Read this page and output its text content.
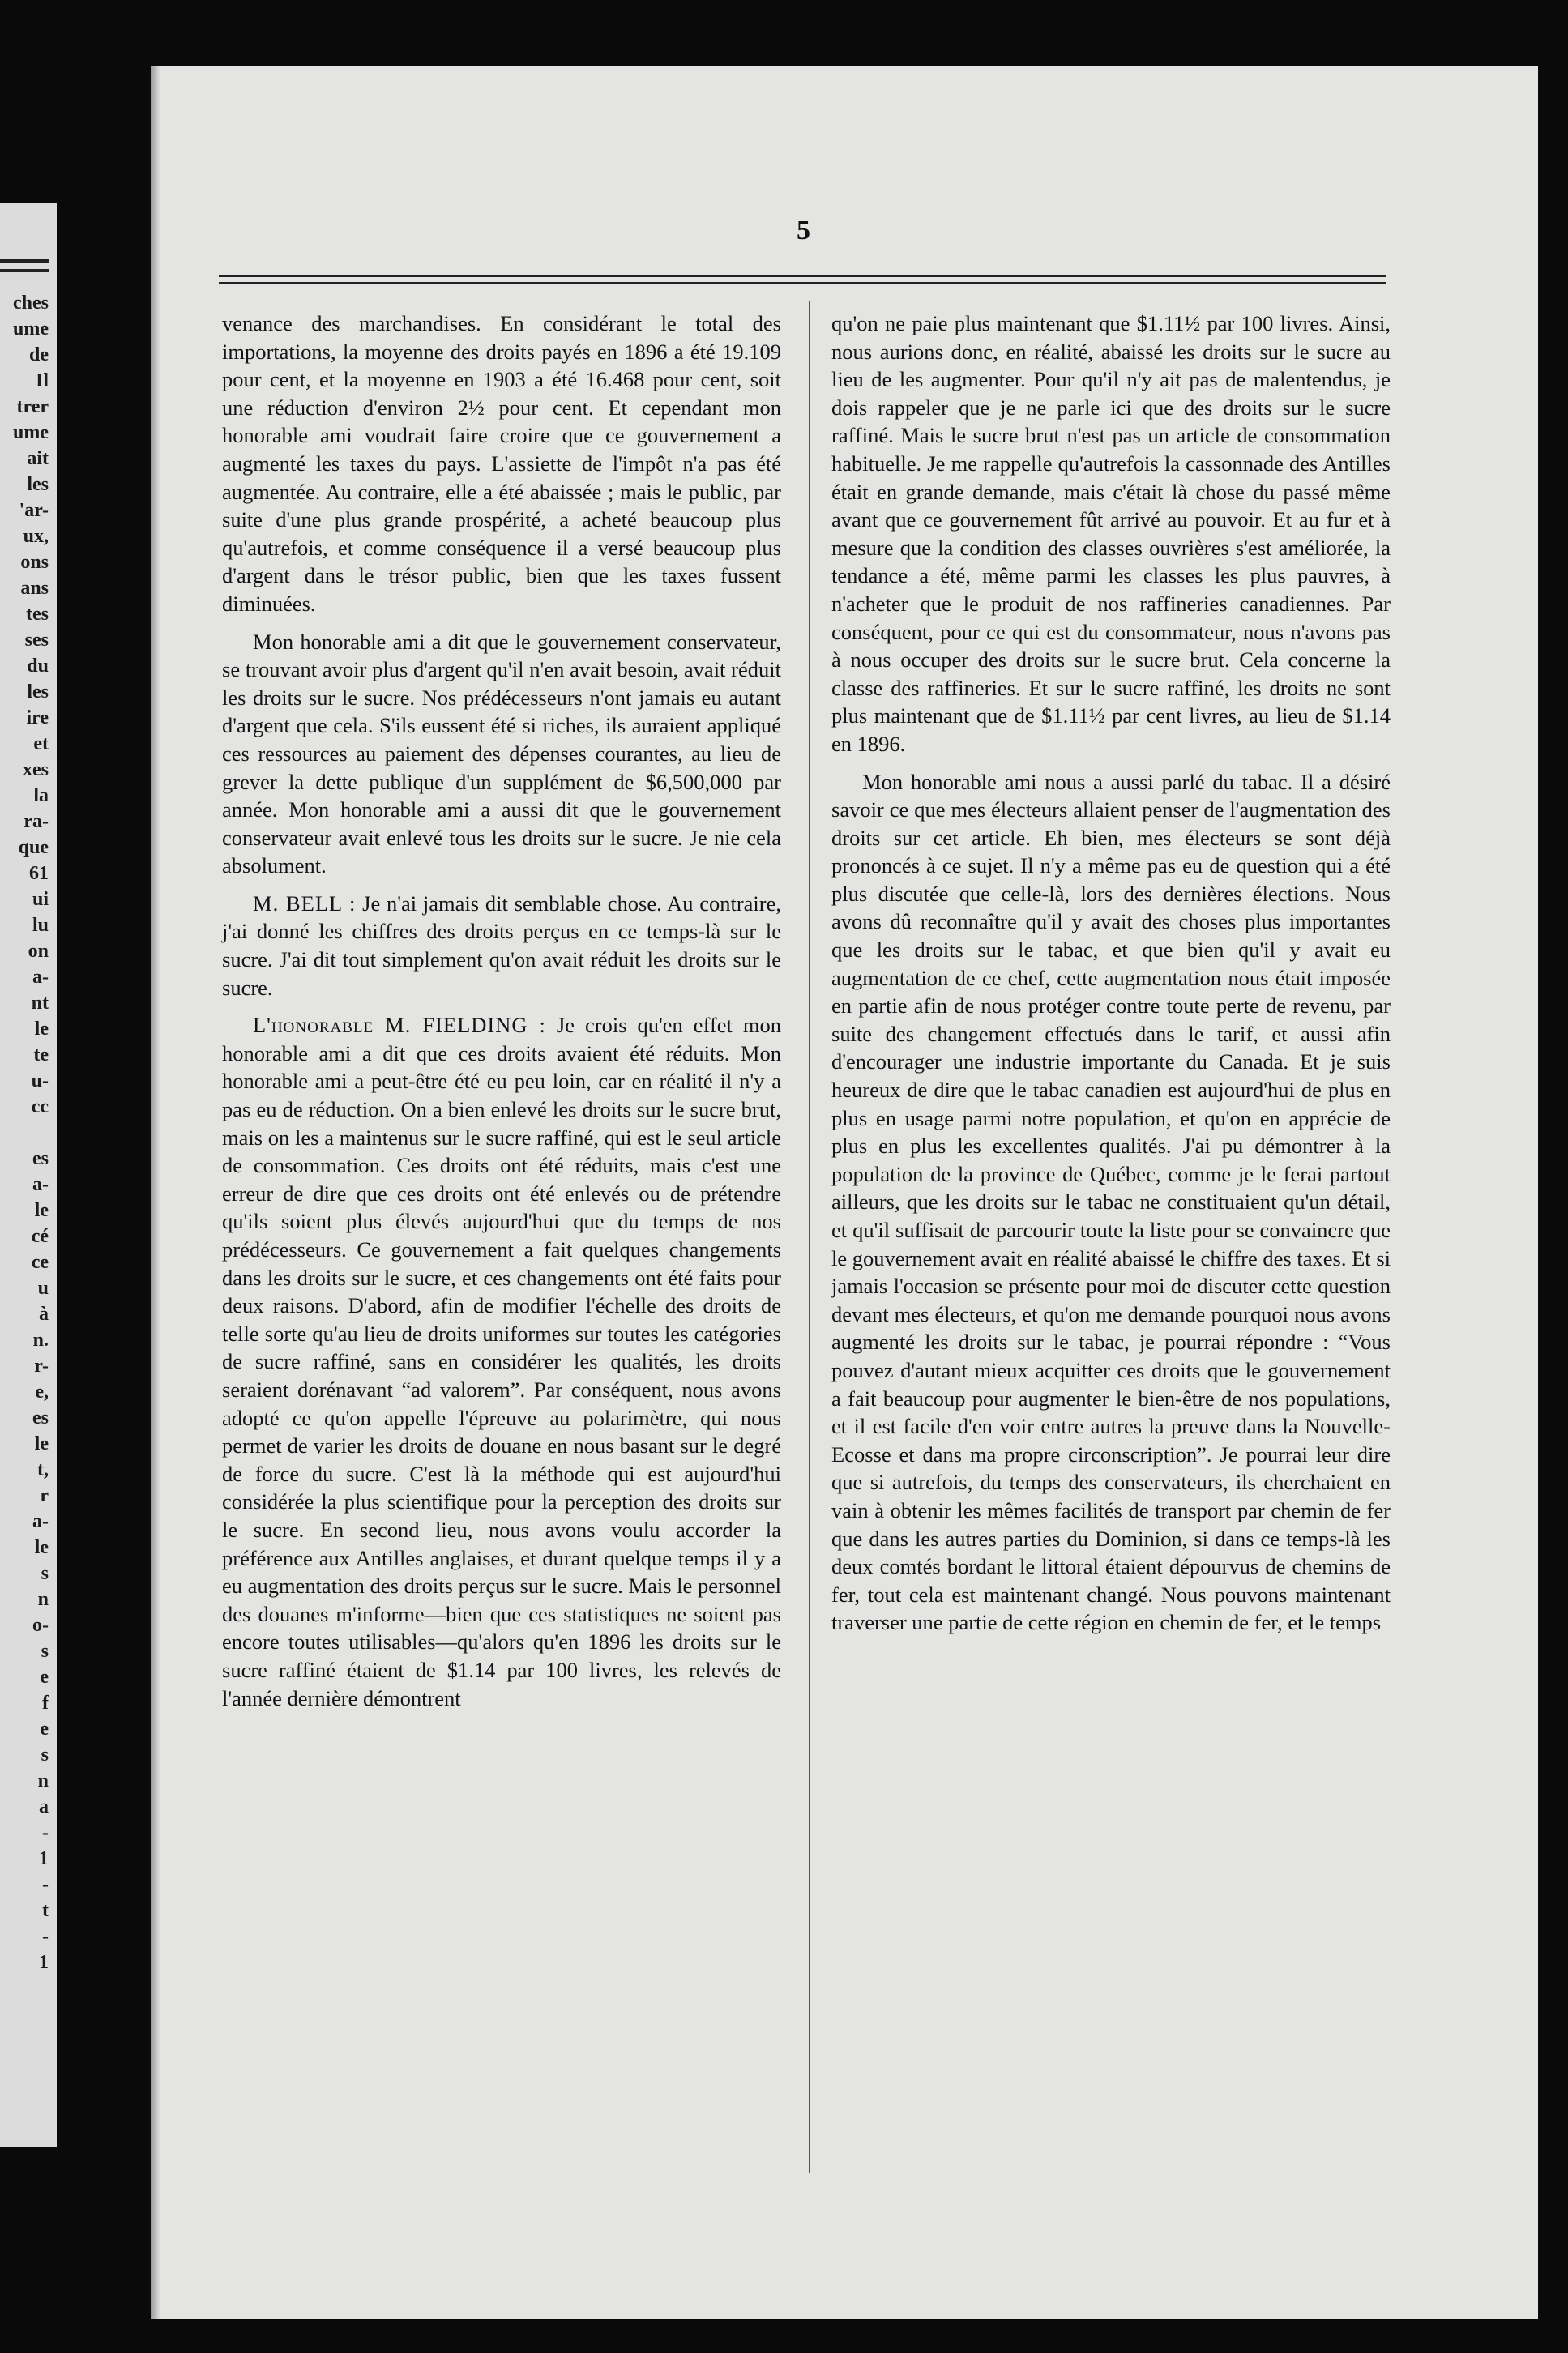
ches
ume
de
Il
trer
ume
ait
les
'ar-
ux,
ons
ans
tes
ses
du
les
ire
et
xes
la
ra-
que
61
ui
lu
on
a-
nt
le
te
u-
cc
es
a-
le
cé
ce
u
à
n.
r-
e,
es
le
t,
r
a-
le
s
n
o-
s
e
f
e
s
n
a
-
1
-
t
-
1
5

venance des marchandises. En considérant le total des importations, la moyenne des droits payés en 1896 a été 19.109 pour cent, et la moyenne en 1903 a été 16.468 pour cent, soit une réduction d'environ 2½ pour cent. Et cependant mon honorable ami voudrait faire croire que ce gouvernement a augmenté les taxes du pays. L'assiette de l'impôt n'a pas été augmentée. Au contraire, elle a été abaissée ; mais le public, par suite d'une plus grande prospérité, a acheté beaucoup plus qu'autrefois, et comme conséquence il a versé beaucoup plus d'argent dans le trésor public, bien que les taxes fussent diminuées.

Mon honorable ami a dit que le gouvernement conservateur, se trouvant avoir plus d'argent qu'il n'en avait besoin, avait réduit les droits sur le sucre. Nos prédécesseurs n'ont jamais eu autant d'argent que cela. S'ils eussent été si riches, ils auraient appliqué ces ressources au paiement des dépenses courantes, au lieu de grever la dette publique d'un supplément de $6,500,000 par année. Mon honorable ami a aussi dit que le gouvernement conservateur avait enlevé tous les droits sur le sucre. Je nie cela absolument.

M. BELL : Je n'ai jamais dit semblable chose. Au contraire, j'ai donné les chiffres des droits perçus en ce temps-là sur le sucre. J'ai dit tout simplement qu'on avait réduit les droits sur le sucre.

L'honorable M. FIELDING : Je crois qu'en effet mon honorable ami a dit que ces droits avaient été réduits. Mon honorable ami a peut-être été eu peu loin, car en réalité il n'y a pas eu de réduction. On a bien enlevé les droits sur le sucre brut, mais on les a maintenus sur le sucre raffiné, qui est le seul article de consommation. Ces droits ont été réduits, mais c'est une erreur de dire que ces droits ont été enlevés ou de prétendre qu'ils soient plus élevés aujourd'hui que du temps de nos prédécesseurs. Ce gouvernement a fait quelques changements dans les droits sur le sucre, et ces changements ont été faits pour deux raisons. D'abord, afin de modifier l'échelle des droits de telle sorte qu'au lieu de droits uniformes sur toutes les catégories de sucre raffiné, sans en considérer les qualités, les droits seraient dorénavant “ad valorem”. Par conséquent, nous avons adopté ce qu'on appelle l'épreuve au polarimètre, qui nous permet de varier les droits de douane en nous basant sur le degré de force du sucre. C'est là la méthode qui est aujourd'hui considérée la plus scientifique pour la perception des droits sur le sucre. En second lieu, nous avons voulu accorder la préférence aux Antilles anglaises, et durant quelque temps il y a eu augmentation des droits perçus sur le sucre. Mais le personnel des douanes m'informe—bien que ces statistiques ne soient pas encore toutes utilisables—qu'alors qu'en 1896 les droits sur le sucre raffiné étaient de $1.14 par 100 livres, les relevés de l'année dernière démontrent

qu'on ne paie plus maintenant que $1.11½ par 100 livres. Ainsi, nous aurions donc, en réalité, abaissé les droits sur le sucre au lieu de les augmenter. Pour qu'il n'y ait pas de malentendus, je dois rappeler que je ne parle ici que des droits sur le sucre raffiné. Mais le sucre brut n'est pas un article de consommation habituelle. Je me rappelle qu'autrefois la cassonnade des Antilles était en grande demande, mais c'était là chose du passé même avant que ce gouvernement fût arrivé au pouvoir. Et au fur et à mesure que la condition des classes ouvrières s'est améliorée, la tendance a été, même parmi les classes les plus pauvres, à n'acheter que le produit de nos raffineries canadiennes. Par conséquent, pour ce qui est du consommateur, nous n'avons pas à nous occuper des droits sur le sucre brut. Cela concerne la classe des raffineries. Et sur le sucre raffiné, les droits ne sont plus maintenant que de $1.11½ par cent livres, au lieu de $1.14 en 1896.

Mon honorable ami nous a aussi parlé du tabac. Il a désiré savoir ce que mes électeurs allaient penser de l'augmentation des droits sur cet article. Eh bien, mes électeurs se sont déjà prononcés à ce sujet. Il n'y a même pas eu de question qui a été plus discutée que celle-là, lors des dernières élections. Nous avons dû reconnaître qu'il y avait des choses plus importantes que les droits sur le tabac, et que bien qu'il y avait eu augmentation de ce chef, cette augmentation nous était imposée en partie afin de nous protéger contre toute perte de revenu, par suite des changement effectués dans le tarif, et aussi afin d'encourager une industrie importante du Canada. Et je suis heureux de dire que le tabac canadien est aujourd'hui de plus en plus en usage parmi notre population, et qu'on en apprécie de plus en plus les excellentes qualités. J'ai pu démontrer à la population de la province de Québec, comme je le ferai partout ailleurs, que les droits sur le tabac ne constituaient qu'un détail, et qu'il suffisait de parcourir toute la liste pour se convaincre que le gouvernement avait en réalité abaissé le chiffre des taxes. Et si jamais l'occasion se présente pour moi de discuter cette question devant mes électeurs, et qu'on me demande pourquoi nous avons augmenté les droits sur le tabac, je pourrai répondre : “Vous pouvez d'autant mieux acquitter ces droits que le gouvernement a fait beaucoup pour augmenter le bien-être de nos populations, et il est facile d'en voir entre autres la preuve dans la Nouvelle-Ecosse et dans ma propre circonscription”. Je pourrai leur dire que si autrefois, du temps des conservateurs, ils cherchaient en vain à obtenir les mêmes facilités de transport par chemin de fer que dans les autres parties du Dominion, si dans ce temps-là les deux comtés bordant le littoral étaient dépourvus de chemins de fer, tout cela est maintenant changé. Nous pouvons maintenant traverser une partie de cette région en chemin de fer, et le temps
